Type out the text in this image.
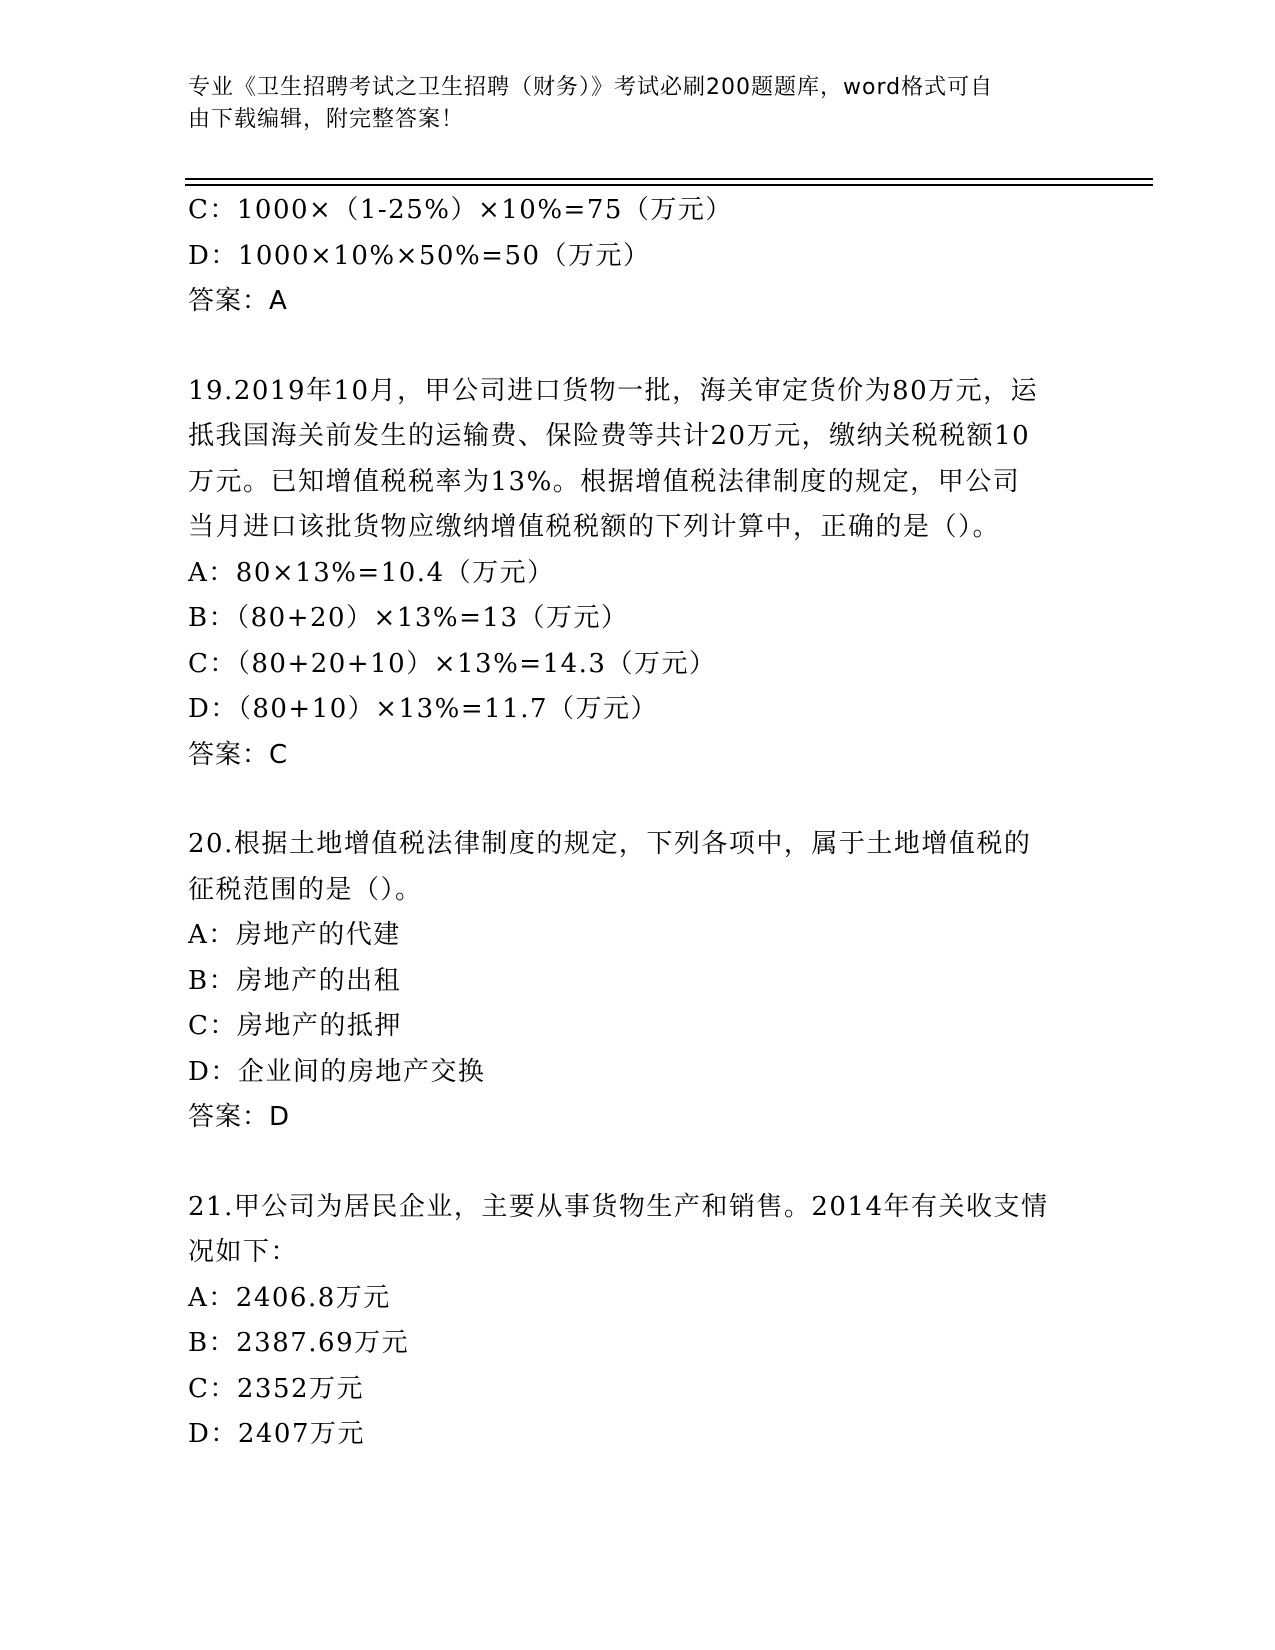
专业《卫生招聘考试之卫生招聘（财务）》考试必刷200题题库，word格式可自
由下载编辑，附完整答案！
C：1000×（1-25%）×10%=75（万元）
D：1000×10%×50%=50（万元）
答案：A
19.2019年10月，甲公司进口货物一批，海关审定货价为80万元，运
抵我国海关前发生的运输费、保险费等共计20万元，缴纳关税税额10
万元。已知增值税税率为13%。根据增值税法律制度的规定，甲公司
当月进口该批货物应缴纳增值税税额的下列计算中，正确的是（）。
A：80×13%=10.4（万元）
B：（80+20）×13%=13（万元）
C：（80+20+10）×13%=14.3（万元）
D：（80+10）×13%=11.7（万元）
答案：C
20.根据土地增值税法律制度的规定，下列各项中，属于土地增值税的
征税范围的是（）。
A：房地产的代建
B：房地产的出租
C：房地产的抵押
D：企业间的房地产交换
答案：D
21.甲公司为居民企业，主要从事货物生产和销售。2014年有关收支情
况如下：
A：2406.8万元
B：2387.69万元
C：2352万元
D：2407万元
